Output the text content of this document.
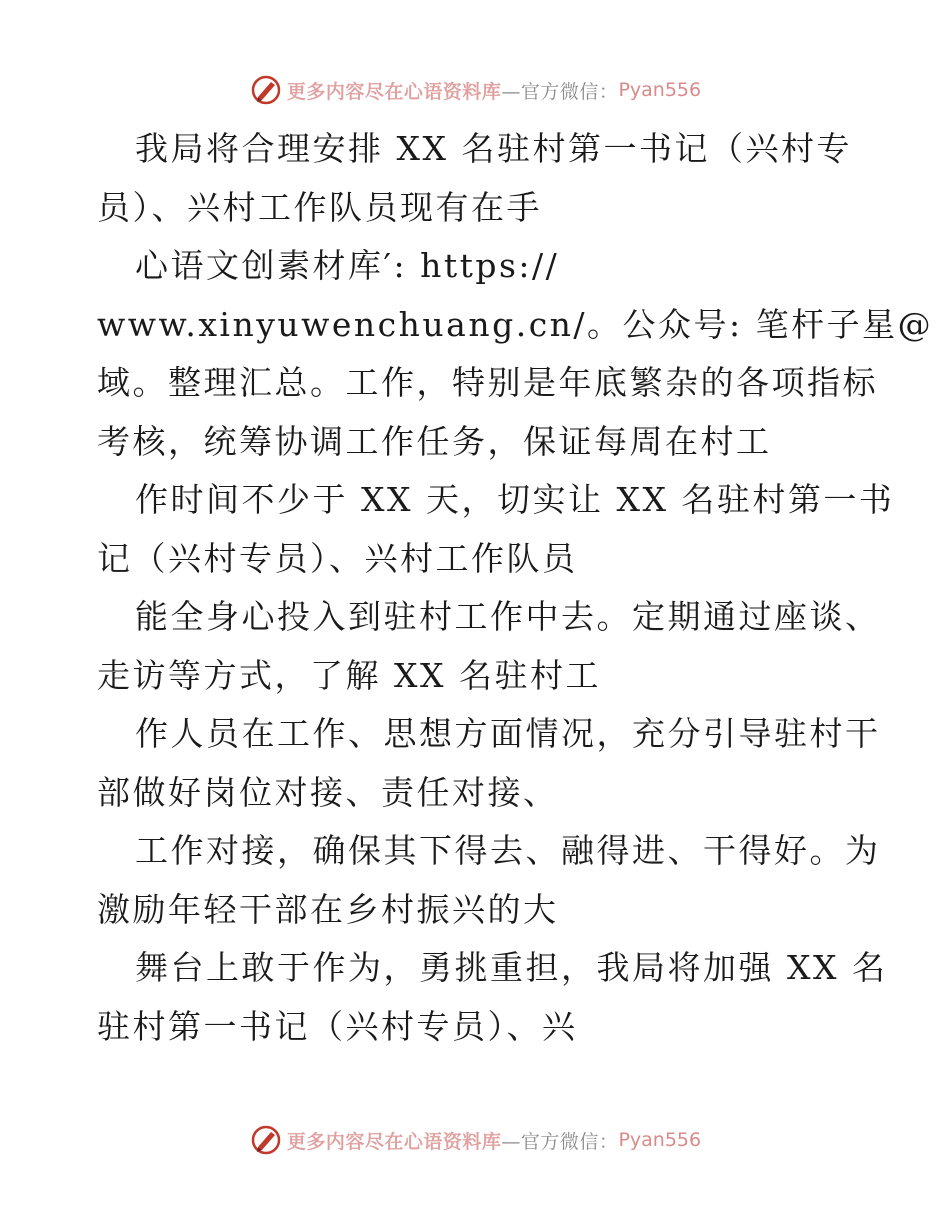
更多内容尽在心语资料库 —官方微信： Pyan556
我局将合理安排 XX 名驻村第一书记（兴村专
员）、兴村工作队员现有在手
心语文创素材库′: https://
www.xinyuwenchuang.cn/。公众号: 笔杆子星@
域。整理汇总。工作，特别是年底繁杂的各项指标
考核，统筹协调工作任务，保证每周在村工
作时间不少于 XX 天，切实让 XX 名驻村第一书
记（兴村专员）、兴村工作队员
能全身心投入到驻村工作中去。定期通过座谈、
走访等方式，了解 XX 名驻村工
作人员在工作、思想方面情况，充分引导驻村干
部做好岗位对接、责任对接、
工作对接，确保其下得去、融得进、干得好。为
激励年轻干部在乡村振兴的大
舞台上敢于作为，勇挑重担，我局将加强 XX 名
驻村第一书记（兴村专员）、兴
更多内容尽在心语资料库 —官方微信： Pyan556
